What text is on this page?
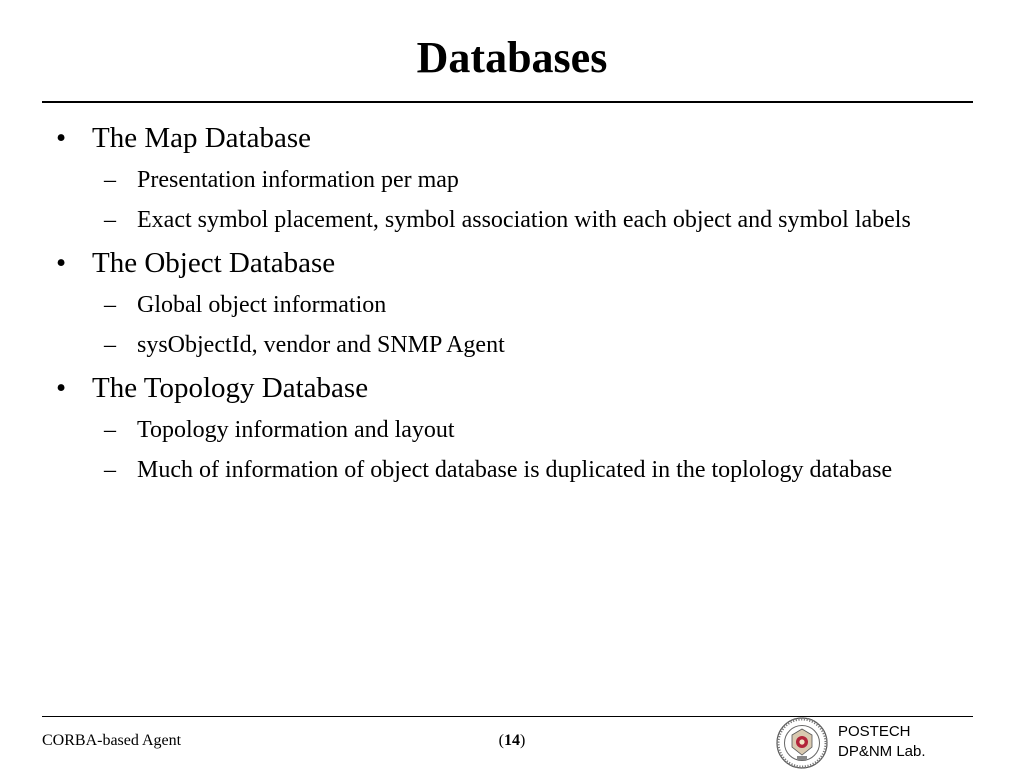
Databases
• The Map Database
– Presentation information per map
– Exact symbol placement, symbol association with each object and symbol labels
• The Object Database
– Global object information
– sysObjectId, vendor and SNMP Agent
• The Topology Database
– Topology information and layout
– Much of information of object database is duplicated in the toplology database
CORBA-based Agent	(14)
POSTECH
DP&NM Lab.
